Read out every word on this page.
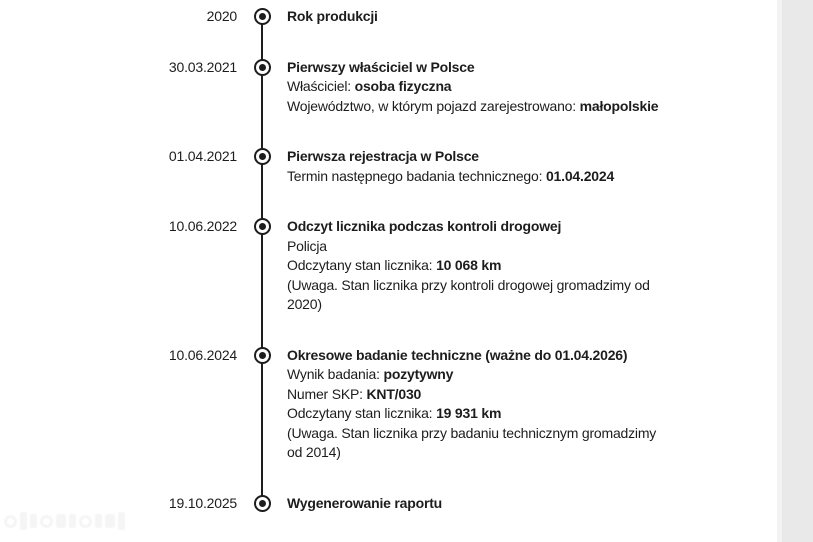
2020	Rok produkcji
30.03.2021	Pierwszy właściciel w Polsce
Właściciel: osoba fizyczna
Województwo, w którym pojazd zarejestrowano: małopolskie
01.04.2021	Pierwsza rejestracja w Polsce
Termin następnego badania technicznego: 01.04.2024
10.06.2022	Odczyt licznika podczas kontroli drogowej
Policja
Odczytany stan licznika: 10 068 km
(Uwaga. Stan licznika przy kontroli drogowej gromadzimy od 2020)
10.06.2024	Okresowe badanie techniczne (ważne do 01.04.2026)
Wynik badania: pozytywny
Numer SKP: KNT/030
Odczytany stan licznika: 19 931 km
(Uwaga. Stan licznika przy badaniu technicznym gromadzimy od 2014)
19.10.2025	Wygenerowanie raportu
